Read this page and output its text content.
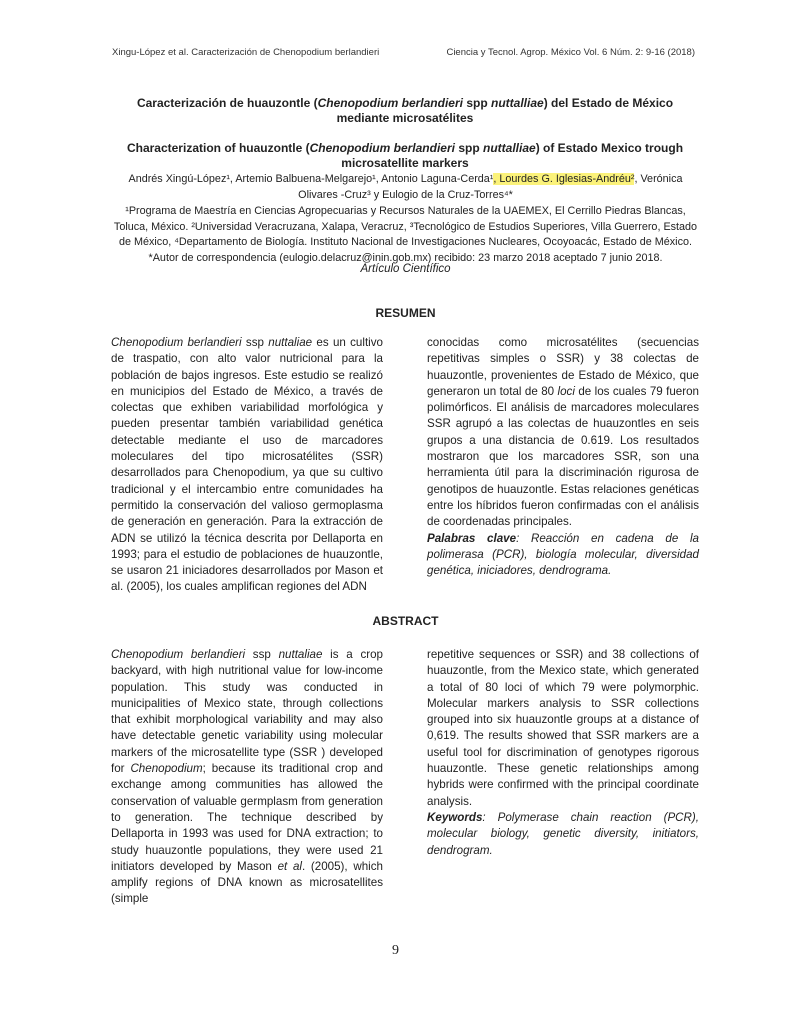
Xingu-López et al. Caracterización de Chenopodium berlandieri	Ciencia y Tecnol. Agrop. México Vol. 6 Núm. 2: 9-16 (2018)
Caracterización de huauzontle (Chenopodium berlandieri spp nuttalliae) del Estado de México mediante microsatélites
Characterization of huauzontle (Chenopodium berlandieri spp nuttalliae) of Estado Mexico trough microsatellite markers
Andrés Xingú-López¹, Artemio Balbuena-Melgarejo¹, Antonio Laguna-Cerda¹, Lourdes G. Iglesias-Andréu², Verónica Olivares -Cruz³ y Eulogio de la Cruz-Torres⁴*
¹Programa de Maestría en Ciencias Agropecuarias y Recursos Naturales de la UAEMEX, El Cerrillo Piedras Blancas, Toluca, México. ²Universidad Veracruzana, Xalapa, Veracruz, ³Tecnológico de Estudios Superiores, Villa Guerrero, Estado de México, ⁴Departamento de Biología. Instituto Nacional de Investigaciones Nucleares, Ocoyoacác, Estado de México.
*Autor de correspondencia (eulogio.delacruz@inin.gob.mx) recibido: 23 marzo 2018 aceptado 7 junio 2018.
Artículo Científico
RESUMEN

Chenopodium berlandieri ssp nuttaliae es un cultivo de traspatio, con alto valor nutricional para la población de bajos ingresos. Este estudio se realizó en municipios del Estado de México, a través de colectas que exhiben variabilidad morfológica y pueden presentar también variabilidad genética detectable mediante el uso de marcadores moleculares del tipo microsatélites (SSR) desarrollados para Chenopodium, ya que su cultivo tradicional y el intercambio entre comunidades ha permitido la conservación del valioso germoplasma de generación en generación. Para la extracción de ADN se utilizó la técnica descrita por Dellaporta en 1993; para el estudio de poblaciones de huauzontle, se usaron 21 iniciadores desarrollados por Mason et al. (2005), los cuales amplifican regiones del ADN

conocidas como microsatélites (secuencias repetitivas simples o SSR) y 38 colectas de huauzontle, provenientes de Estado de México, que generaron un total de 80 loci de los cuales 79 fueron polimórficos. El análisis de marcadores moleculares SSR agrupó a las colectas de huauzontles en seis grupos a una distancia de 0.619. Los resultados mostraron que los marcadores SSR, son una herramienta útil para la discriminación rigurosa de genotipos de huauzontle. Estas relaciones genéticas entre los híbridos fueron confirmadas con el análisis de coordenadas principales.

Palabras clave: Reacción en cadena de la polimerasa (PCR), biología molecular, diversidad genética, iniciadores, dendrograma.

ABSTRACT

Chenopodium berlandieri ssp nuttaliae is a crop backyard, with high nutritional value for low-income population. This study was conducted in municipalities of Mexico state, through collections that exhibit morphological variability and may also have detectable genetic variability using molecular markers of the microsatellite type (SSR ) developed for Chenopodium; because its traditional crop and exchange among communities has allowed the conservation of valuable germplasm from generation to generation. The technique described by Dellaporta in 1993 was used for DNA extraction; to study huauzontle populations, they were used 21 initiators developed by Mason et al. (2005), which amplify regions of DNA known as microsatellites (simple

repetitive sequences or SSR) and 38 collections of huauzontle, from the Mexico state, which generated a total of 80 loci of which 79 were polymorphic. Molecular markers analysis to SSR collections grouped into six huauzontle groups at a distance of 0,619. The results showed that SSR markers are a useful tool for discrimination of genotypes rigorous huauzontle. These genetic relationships among hybrids were confirmed with the principal coordinate analysis.

Keywords: Polymerase chain reaction (PCR), molecular biology, genetic diversity, initiators, dendrogram.

9
